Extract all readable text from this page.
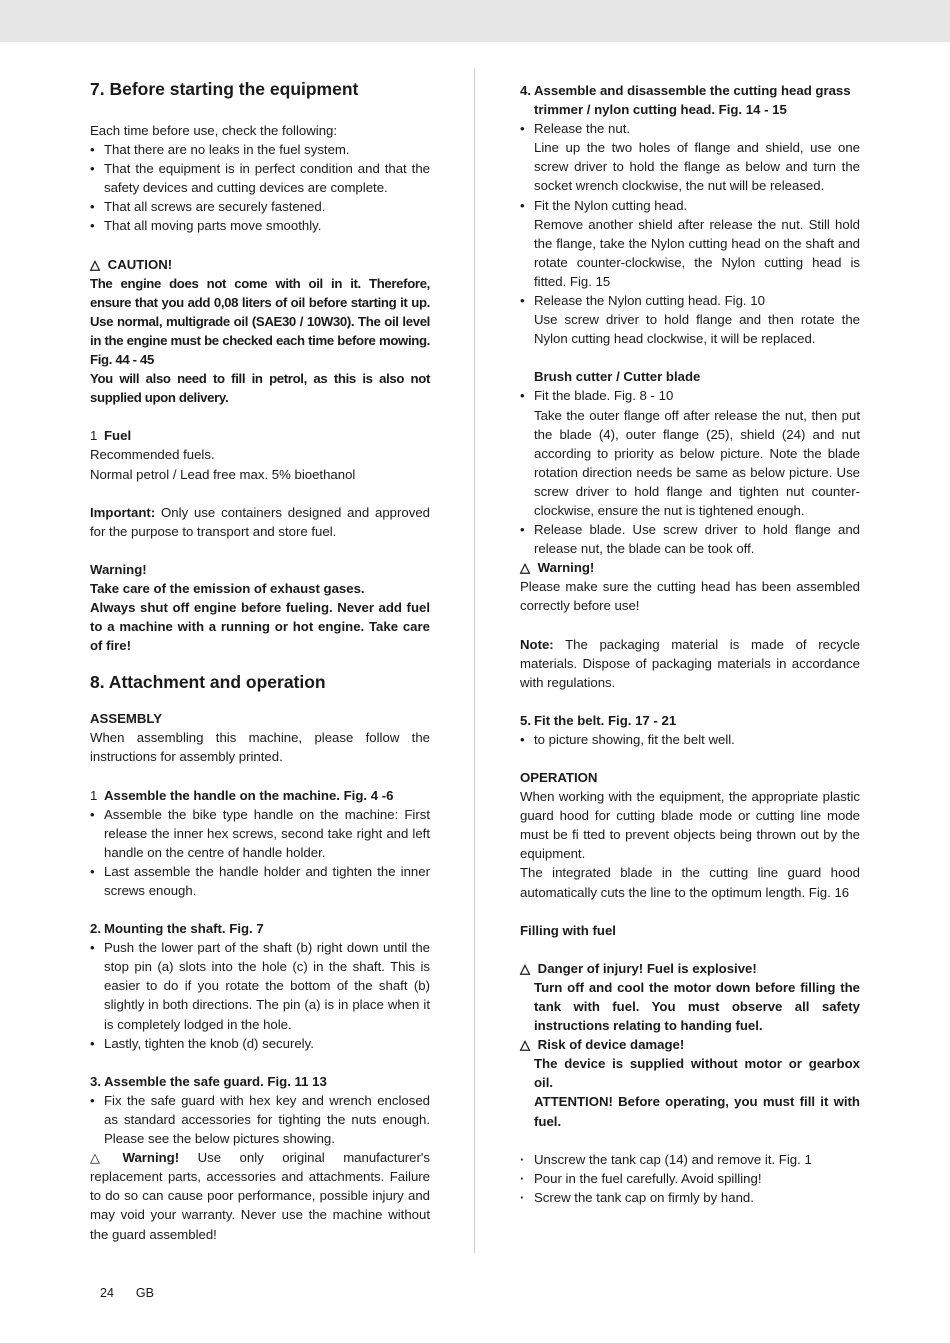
7. Before starting the equipment

Each time before use, check the following:

• That there are no leaks in the fuel system.

• That the equipment is in perfect condition and that the safety devices and cutting devices are complete.

• That all screws are securely fastened.

• That all moving parts move smoothly.

△ CAUTION!

The engine does not come with oil in it. Therefore, ensure that you add 0,08 liters of oil before starting it up. Use normal, multigrade oil (SAE30 / 10W30). The oil level in the engine must be checked each time before mowing. Fig. 44 - 45

You will also need to fill in petrol, as this is also not supplied upon delivery.

1 Fuel

Recommended fuels.

Normal petrol / Lead free max. 5% bioethanol

Important: Only use containers designed and approved for the purpose to transport and store fuel.

Warning!

Take care of the emission of exhaust gases.

Always shut off engine before fueling. Never add fuel to a machine with a running or hot engine. Take care of fire!

8. Attachment and operation

ASSEMBLY

When assembling this machine, please follow the instructions for assembly printed.

1 Assemble the handle on the machine. Fig. 4 -6

• Assemble the bike type handle on the machine: First release the inner hex screws, second take right and left handle on the centre of handle holder.

• Last assemble the handle holder and tighten the inner screws enough.

2. Mounting the shaft. Fig. 7

• Push the lower part of the shaft (b) right down until the stop pin (a) slots into the hole (c) in the shaft. This is easier to do if you rotate the bottom of the shaft (b) slightly in both directions. The pin (a) is in place when it is completely lodged in the hole.

• Lastly, tighten the knob (d) securely.

3. Assemble the safe guard. Fig. 11 13

• Fix the safe guard with hex key and wrench enclosed as standard accessories for tighting the nuts enough. Please see the below pictures showing.

△ Warning! Use only original manufacturer's replacement parts, accessories and attachments. Failure to do so can cause poor performance, possible injury and may void your warranty. Never use the machine without the guard assembled!

4. Assemble and disassemble the cutting head grass trimmer / nylon cutting head. Fig. 14 - 15

• Release the nut.

Line up the two holes of flange and shield, use one screw driver to hold the flange as below and turn the socket wrench clockwise, the nut will be released.

• Fit the Nylon cutting head.

Remove another shield after release the nut. Still hold the flange, take the Nylon cutting head on the shaft and rotate counter-clockwise, the Nylon cutting head is fitted. Fig. 15

• Release the Nylon cutting head. Fig. 10

Use screw driver to hold flange and then rotate the Nylon cutting head clockwise, it will be replaced.

Brush cutter / Cutter blade

• Fit the blade. Fig. 8 - 10

Take the outer flange off after release the nut, then put the blade (4), outer flange (25), shield (24) and nut according to priority as below picture. Note the blade rotation direction needs be same as below picture. Use screw driver to hold flange and tighten nut counter-clockwise, ensure the nut is tightened enough.

• Release blade. Use screw driver to hold flange and release nut, the blade can be took off.

△ Warning!

Please make sure the cutting head has been assembled correctly before use!

Note: The packaging material is made of recycle materials. Dispose of packaging materials in accordance with regulations.

5. Fit the belt. Fig. 17 - 21

• to picture showing, fit the belt well.

OPERATION

When working with the equipment, the appropriate plastic guard hood for cutting blade mode or cutting line mode must be fi tted to prevent objects being thrown out by the equipment.

The integrated blade in the cutting line guard hood automatically cuts the line to the optimum length. Fig. 16

Filling with fuel

△ Danger of injury! Fuel is explosive!

Turn off and cool the motor down before filling the tank with fuel. You must observe all safety instructions relating to handing fuel.

△ Risk of device damage!

The device is supplied without motor or gearbox oil.

ATTENTION! Before operating, you must fill it with fuel.

· Unscrew the tank cap (14) and remove it. Fig. 1

· Pour in the fuel carefully. Avoid spilling!

· Screw the tank cap on firmly by hand.

24 GB
